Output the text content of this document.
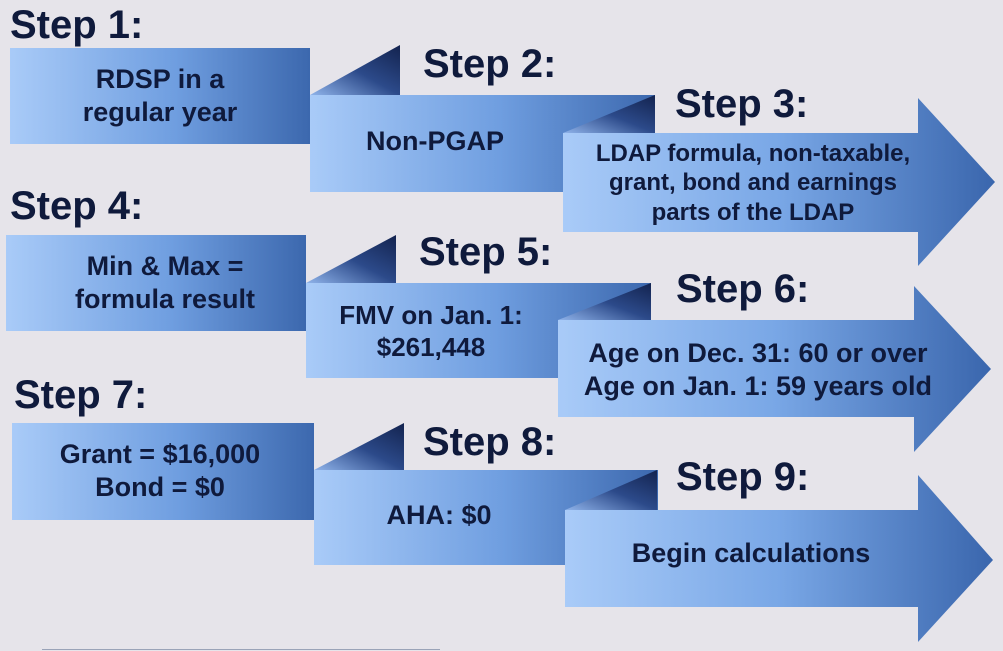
Step 1:
Step 2:
Step 3:
Step 4:
Step 5:
Step 6:
Step 7:
Step 8:
Step 9:
RDSP in a
regular year
Non-PGAP	LDAP formula, non-taxable,
grant, bond and earnings
parts of the LDAP
Min & Max =
formula result
FMV on Jan. 1:
$261,448	Age on Dec. 31: 60 or over
Age on Jan. 1: 59 years old
Grant = $16,000
Bond = $0
AHA: $0
Begin calculations
